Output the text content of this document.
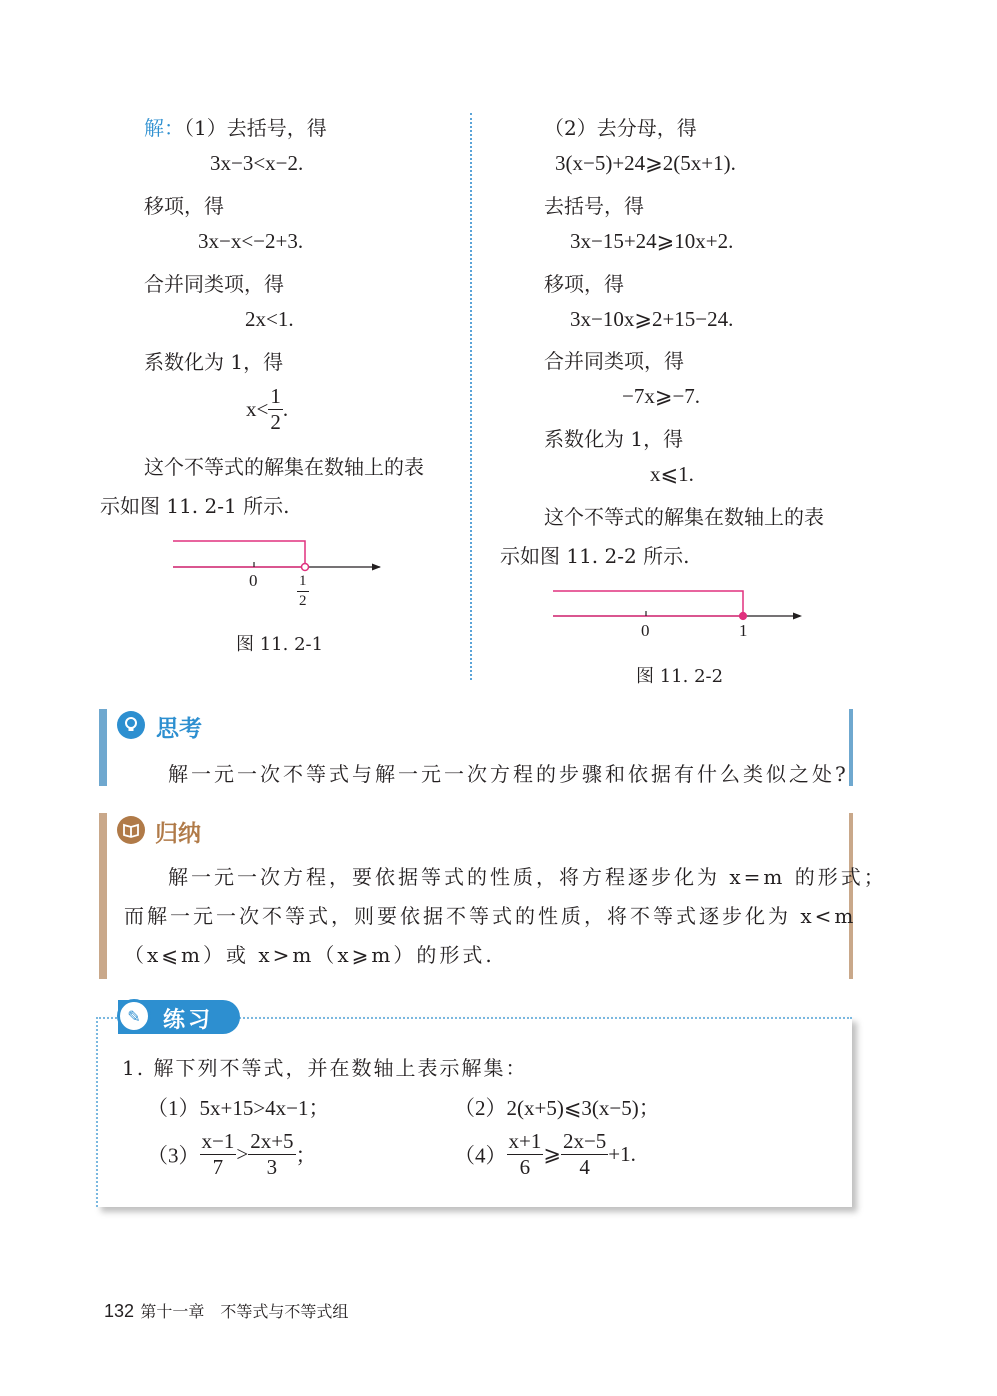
解：（1）去括号，得
3x−3<x−2.
移项，得
3x−x<−2+3.
合并同类项，得
2x<1.
系数化为 1，得
$x< \frac{1}{2}$ .
这个不等式的解集在数轴上的表
示如图 11. 2-1 所示.
0	$\frac{1}{2}$
图 11. 2-1
（2）去分母，得
3(x−5)+24⩾2(5x+1).
去括号，得
3x−15+24⩾10x+2.
移项，得
3x−10x⩾2+15−24.
合并同类项，得
−7x⩾−7.
系数化为 1，得
x⩽1.
这个不等式的解集在数轴上的表
示如图 11. 2-2 所示.
0	1
图 11. 2-2
思考
解一元一次不等式与解一元一次方程的步骤和依据有什么类似之处?
归纳
解一元一次方程，要依据等式的性质，将方程逐步化为 x=m 的形式；
而解一元一次不等式，则要依据不等式的性质，将不等式逐步化为 x<m
（x⩽m）或 x>m（x⩾m）的形式.
✎	练习
1. 解下列不等式，并在数轴上表示解集：
（1）5x+15>4x−1；	（2）2(x+5)⩽3(x−5)；
$(3) \frac{x-1}{7} > \frac{2x+5}{3}$ ；	$(4) \frac{x+1}{6}$ ⩾ $\frac{2x-5}{4} +1$.
132 第十一章　不等式与不等式组
